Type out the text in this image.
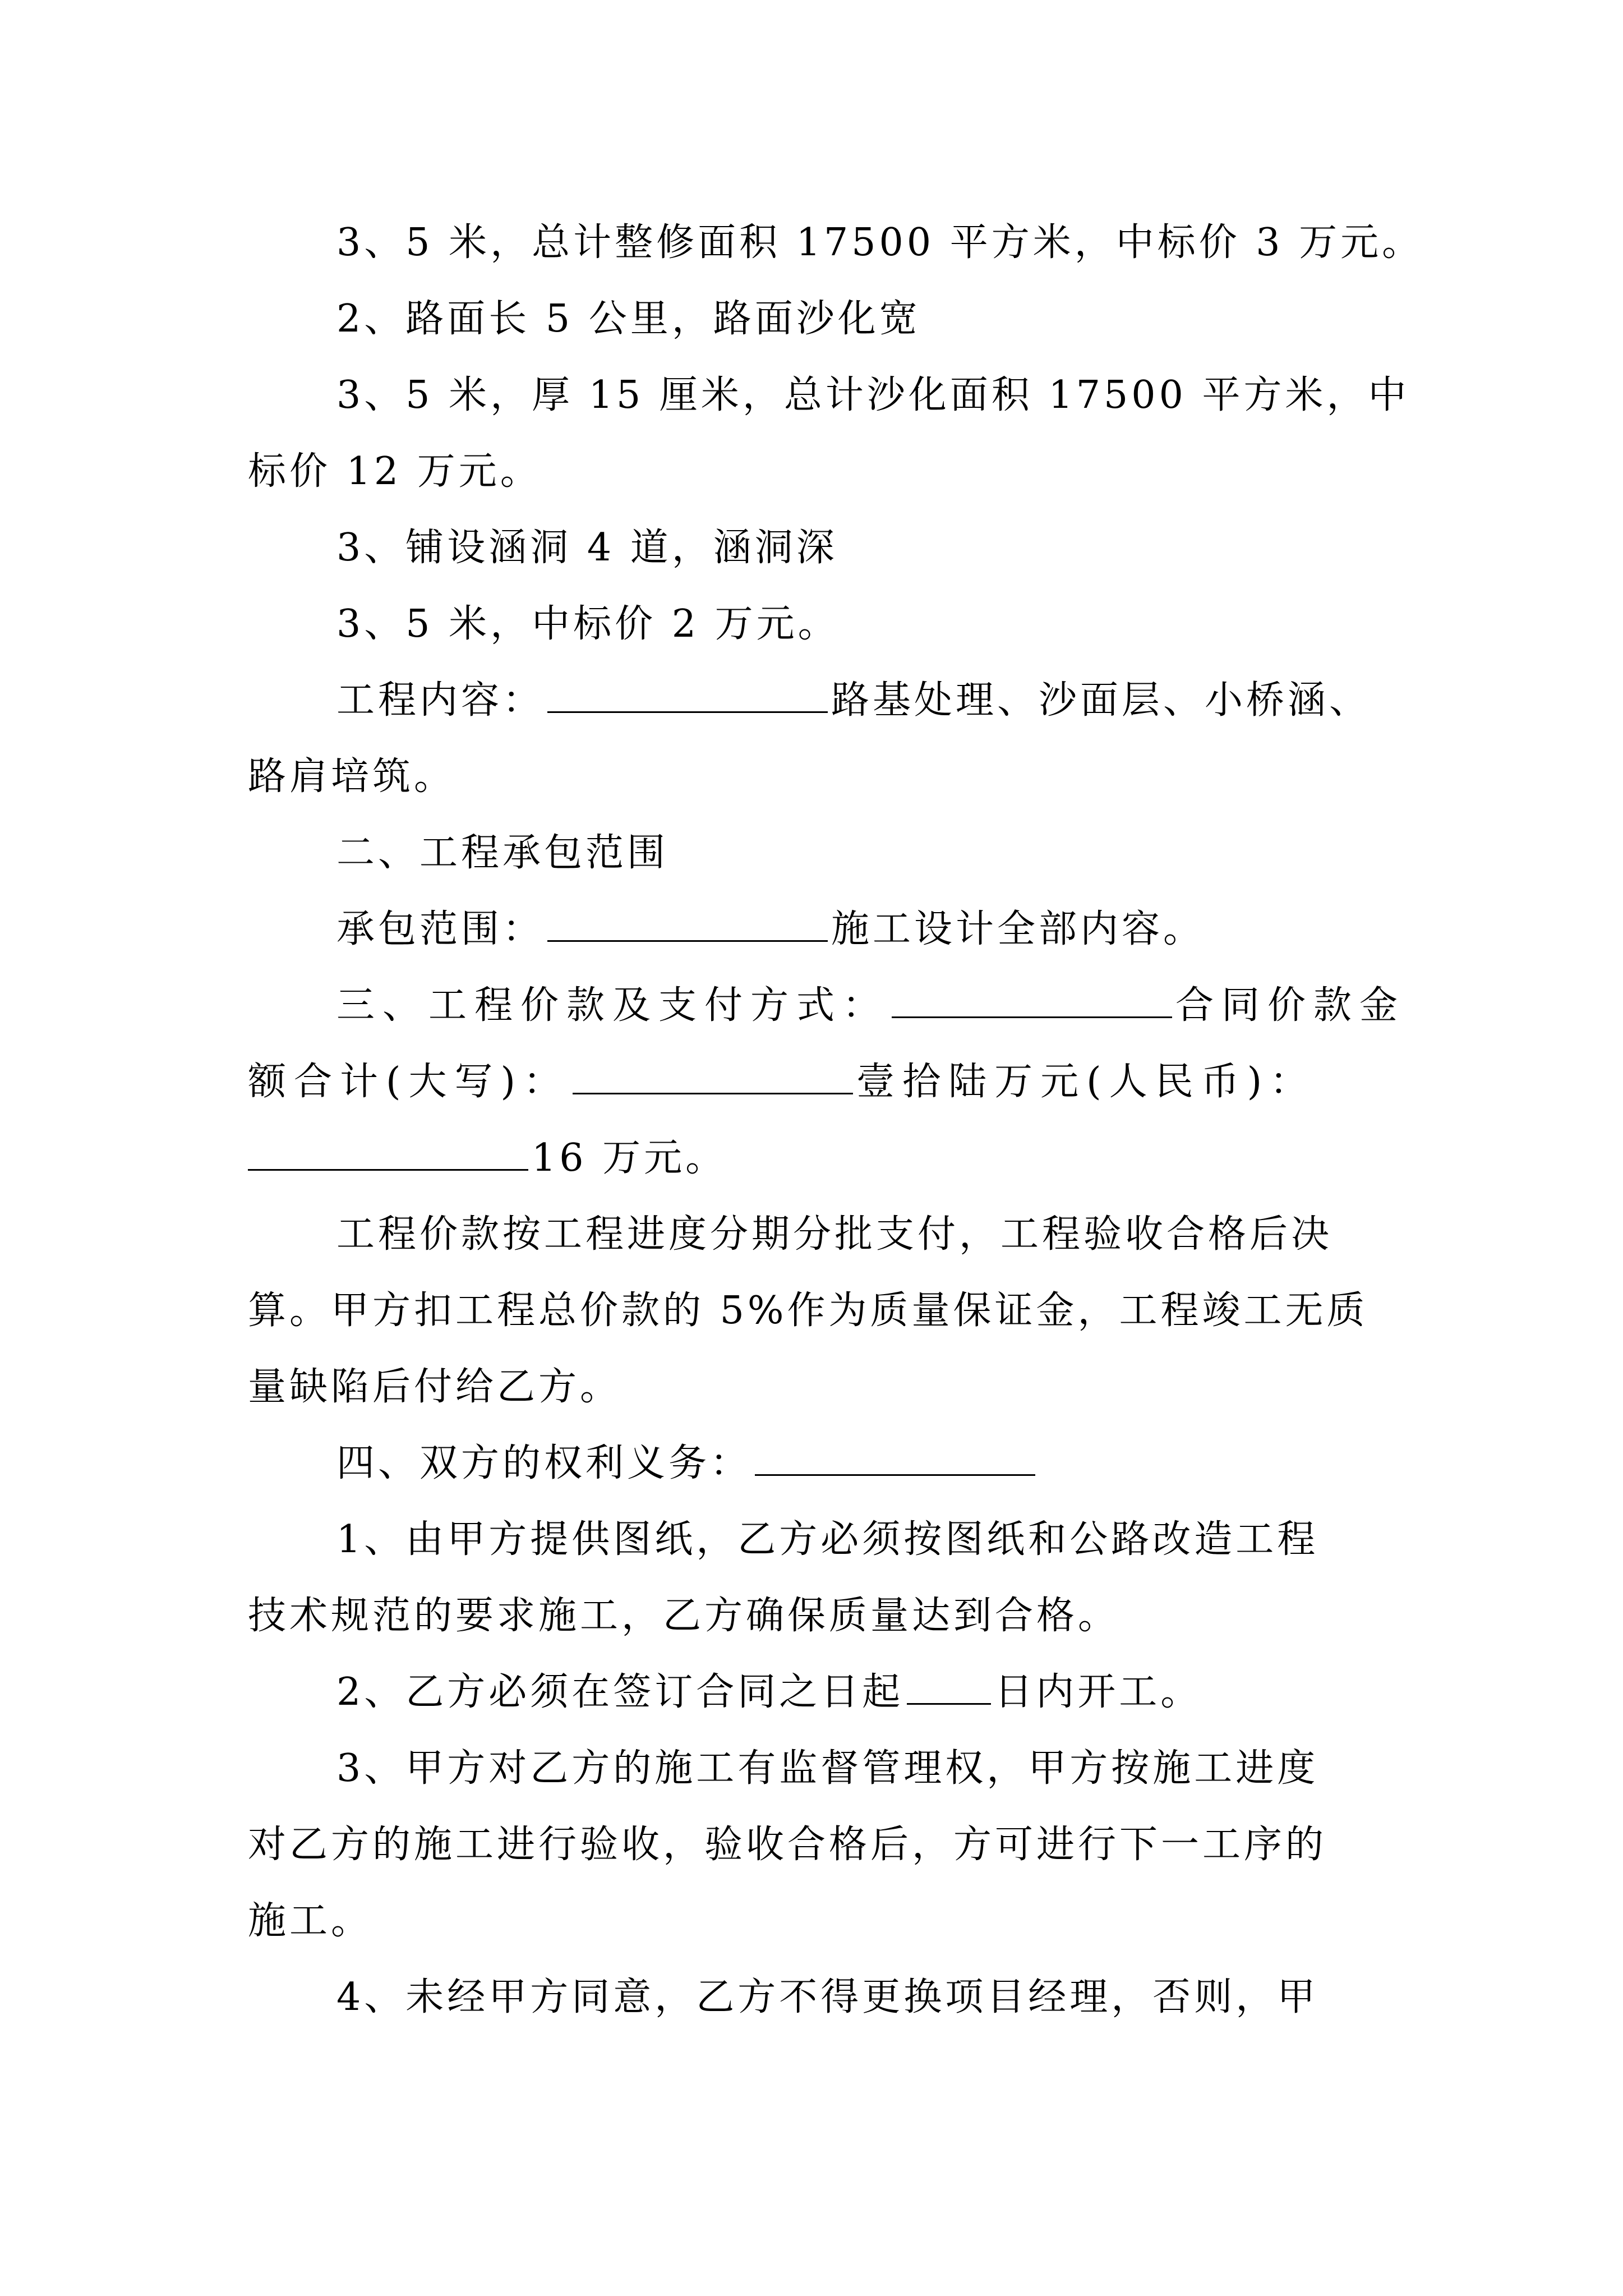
3、5 米，总计整修面积 17500 平方米，中标价 3 万元。
2、路面长 5 公里，路面沙化宽
3、5 米，厚 15 厘米，总计沙化面积 17500 平方米，中
标价 12 万元。
3、铺设涵洞 4 道，涵洞深
3、5 米，中标价 2 万元。
工程内容：	路基处理、沙面层、小桥涵、
路肩培筑。
二、工程承包范围
承包范围：	施工设计全部内容。
三、工程价款及支付方式：	合同价款金
额合计(大写)：	壹拾陆万元(人民币)：
16 万元。
工程价款按工程进度分期分批支付，工程验收合格后决
算。甲方扣工程总价款的 5%作为质量保证金，工程竣工无质
量缺陷后付给乙方。
四、双方的权利义务：
1、由甲方提供图纸，乙方必须按图纸和公路改造工程
技术规范的要求施工，乙方确保质量达到合格。
2、乙方必须在签订合同之日起 日内开工。
3、甲方对乙方的施工有监督管理权，甲方按施工进度
对乙方的施工进行验收，验收合格后，方可进行下一工序的
施工。
4、未经甲方同意，乙方不得更换项目经理，否则，甲
